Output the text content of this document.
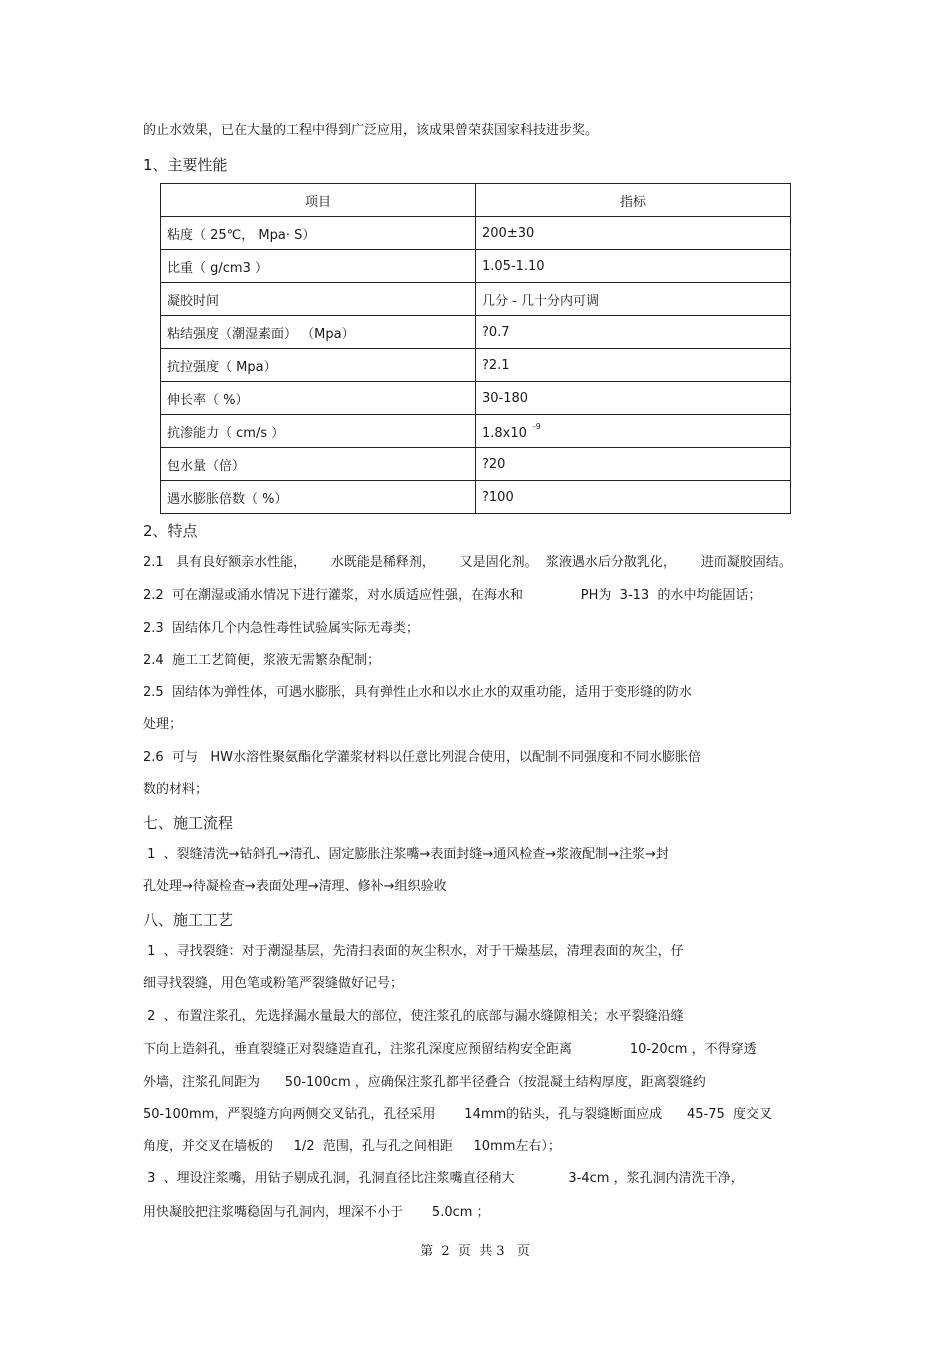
的止水效果，已在大量的工程中得到广泛应用，该成果曾荣获国家科技进步奖。
1、主要性能
项目	指标
粘度（ 25℃， Mpa· S）	200±30
比重（ g/cm3 ）	1.05-1.10
凝胶时间	几分 - 几十分内可调
粘结强度（潮湿素面） （Mpa）	?0.7
抗拉强度（ Mpa）	?2.1
伸长率（ %）	30-180
抗渗能力（ cm/s ）	1.8x10 $^{-9}$
包水量（倍）	?20
遇水膨胀倍数（ %）	?100
2、特点
2.1   具有良好额亲水性能，      水既能是稀释剂，      又是固化剂。  浆液遇水后分散乳化，      进而凝胶固结。
2.2  可在潮湿或涌水情况下进行灌浆，对水质适应性强，在海水和              PH为  3-13  的水中均能固话；
2.3  固结体几个内急性毒性试验属实际无毒类；
2.4  施工工艺简便，浆液无需繁杂配制；
2.5  固结体为弹性体，可遇水膨胀，具有弹性止水和以水止水的双重功能，适用于变形缝的防水
处理；
2.6  可与   HW水溶性聚氨酯化学灌浆材料以任意比列混合使用，以配制不同强度和不同水膨胀倍
数的材料；
七、施工流程
1  、裂缝清洗→钻斜孔→清孔、固定膨胀注浆嘴→表面封缝→通风检查→浆液配制→注浆→封
孔处理→待凝检查→表面处理→清理、修补→组织验收
八、施工工艺
1  、寻找裂缝：对于潮湿基层，先清扫表面的灰尘积水，对于干燥基层，清理表面的灰尘，仔
细寻找裂缝，用色笔或粉笔严裂缝做好记号；
2  、布置注浆孔，先选择漏水量最大的部位，使注浆孔的底部与漏水缝隙相关；水平裂缝沿缝
下向上造斜孔，垂直裂缝正对裂缝造直孔，注浆孔深度应预留结构安全距离              10-20cm ，不得穿透
外墙，注浆孔间距为      50-100cm ，应确保注浆孔都半径叠合（按混凝土结构厚度，距离裂缝约
50-100mm，严裂缝方向两侧交叉钻孔，孔径采用       14mm的钻头，孔与裂缝断面应成      45-75  度交叉
角度，并交叉在墙板的     1/2  范围，孔与孔之间相距     10mm左右）；
3  、埋设注浆嘴，用钻子剔成孔洞，孔洞直径比注浆嘴直径稍大             3-4cm ，浆孔洞内清洗干净，
用快凝胶把注浆嘴稳固与孔洞内，埋深不小于       5.0cm ；
第  2  页  共 3   页
